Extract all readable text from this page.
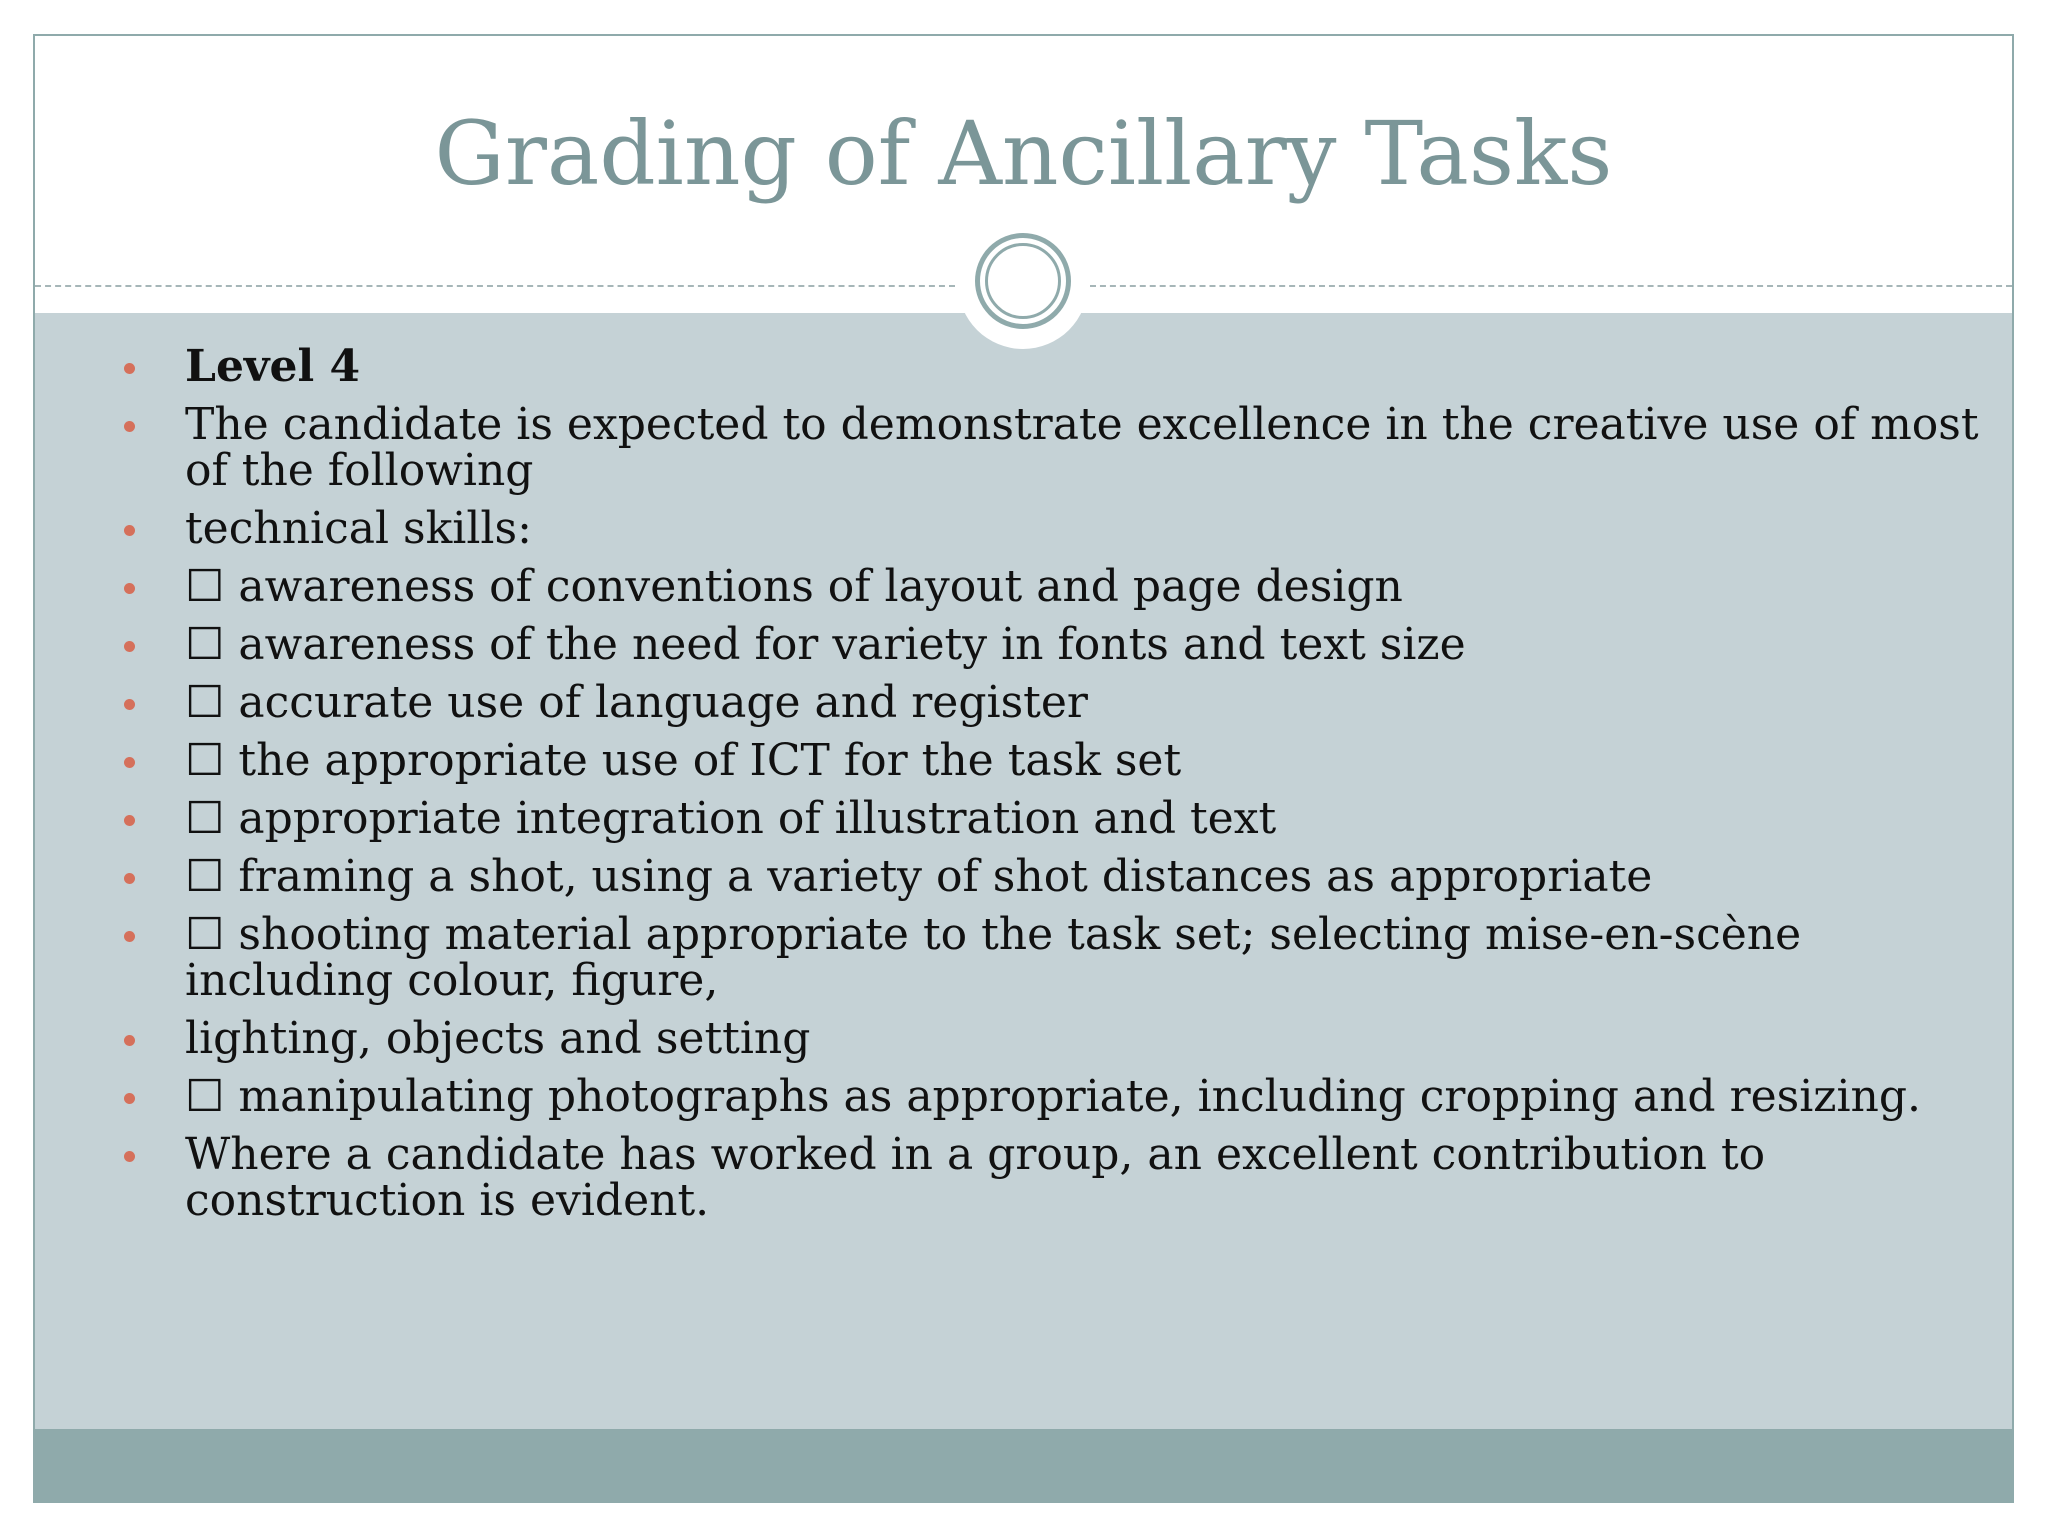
Grading of Ancillary Tasks
Level 4
The candidate is expected to demonstrate excellence in the creative use of most of the following
technical skills:
☐ awareness of conventions of layout and page design
☐ awareness of the need for variety in fonts and text size
☐ accurate use of language and register
☐ the appropriate use of ICT for the task set
☐ appropriate integration of illustration and text
☐ framing a shot, using a variety of shot distances as appropriate
☐ shooting material appropriate to the task set; selecting mise-en-scène including colour, figure,
lighting, objects and setting
☐ manipulating photographs as appropriate, including cropping and resizing.
Where a candidate has worked in a group, an excellent contribution to construction is evident.
